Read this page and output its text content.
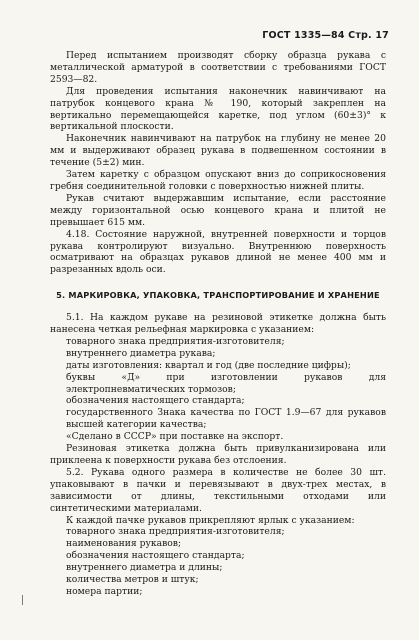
ГОСТ 1335—84 Стр. 17

Перед испытанием производят сборку образца рукава с металлической арматурой в соответствии с требованиями ГОСТ 2593—82.

Для проведения испытания наконечник навинчивают на патрубок концевого крана № 190, который закреплен на вертикально перемещающейся каретке, под углом (60±3)° к вертикальной плоскости.

Наконечник навинчивают на патрубок на глубину не менее 20 мм и выдерживают образец рукава в подвешенном состоянии в течение (5±2) мин.

Затем каретку с образцом опускают вниз до соприкосновения гребня соединительной головки с поверхностью нижней плиты.

Рукав считают выдержавшим испытание, если расстояние между горизонтальной осью концевого крана и плитой не превышает 615 мм.

4.18. Состояние наружной, внутренней поверхности и торцов рукава контролируют визуально. Внутреннюю поверхность осматривают на образцах рукавов длиной не менее 400 мм и разрезанных вдоль оси.

5. МАРКИРОВКА, УПАКОВКА, ТРАНСПОРТИРОВАНИЕ И ХРАНЕНИЕ

5.1. На каждом рукаве на резиновой этикетке должна быть нанесена четкая рельефная маркировка с указанием:

товарного знака предприятия-изготовителя;
внутреннего диаметра рукава;
даты изготовления: квартал и год (две последние цифры);
буквы «Д» при изготовлении рукавов для электропневматических тормозов;
обозначения настоящего стандарта;
государственного Знака качества по ГОСТ 1.9—67 для рукавов высшей категории качества;
«Сделано в СССР» при поставке на экспорт.

Резиновая этикетка должна быть привулканизирована или приклеена к поверхности рукава без отслоения.

5.2. Рукава одного размера в количестве не более 30 шт. упаковывают в пачки и перевязывают в двух-трех местах, в зависимости от длины, текстильными отходами или синтетическими материалами.

К каждой пачке рукавов прикрепляют ярлык с указанием:

товарного знака предприятия-изготовителя;
наименования рукавов;
обозначения настоящего стандарта;
внутреннего диаметра и длины;
количества метров и штук;
номера партии;
